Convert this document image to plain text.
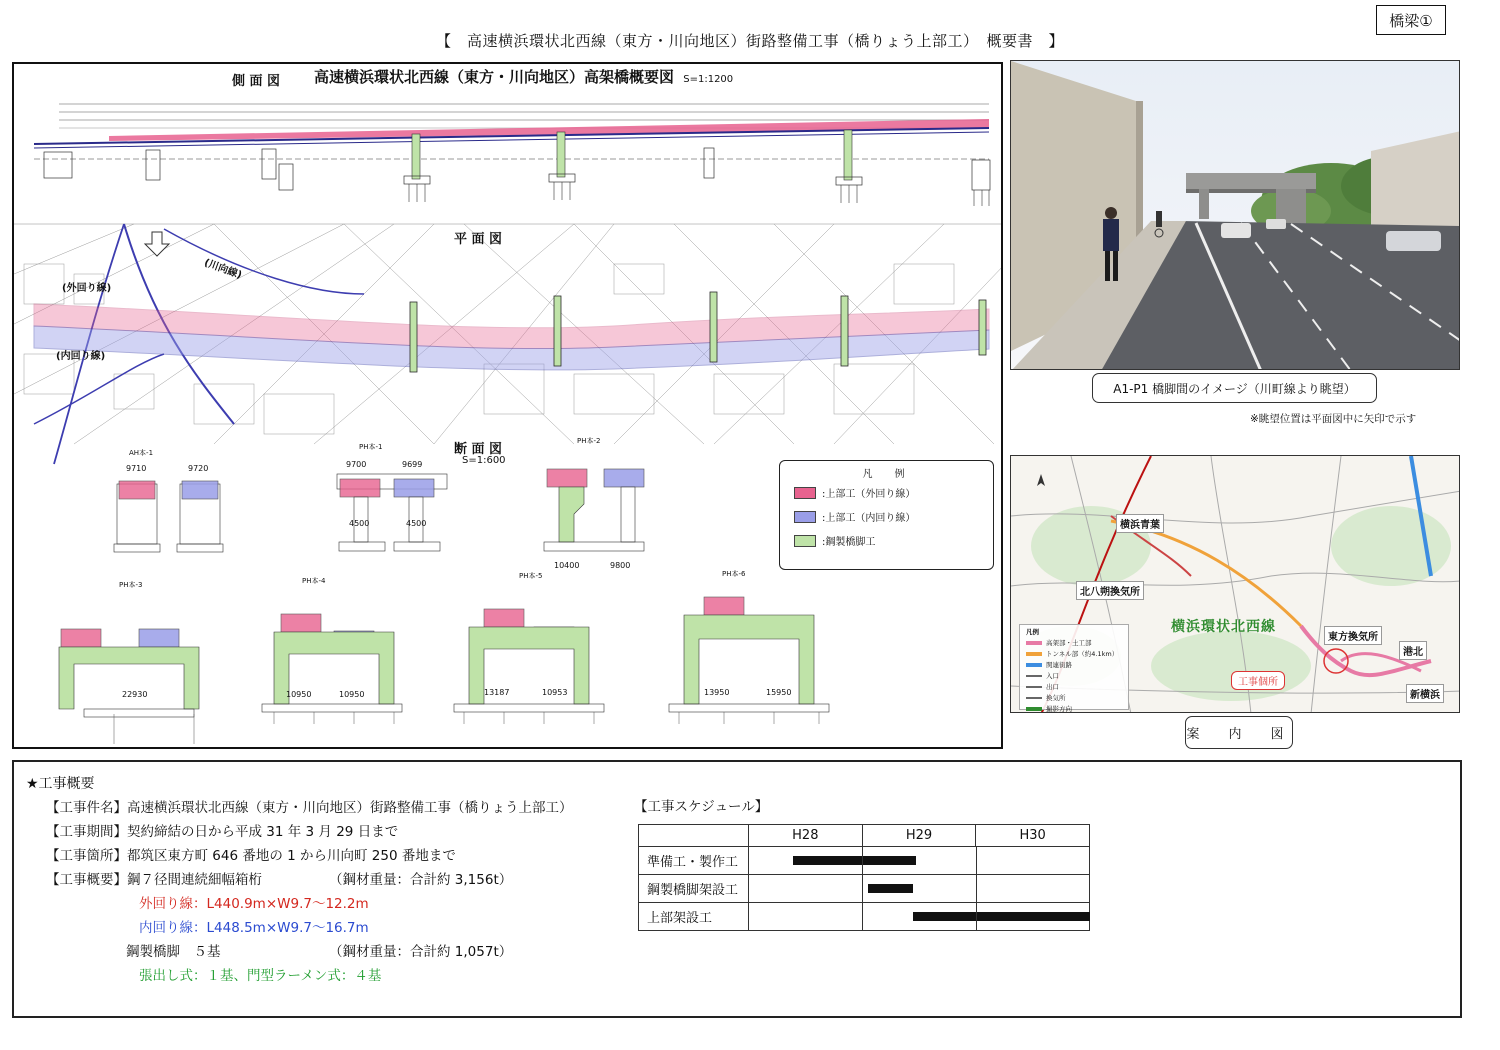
【　高速横浜環状北西線（東方・川向地区）街路整備工事（橋りょう上部工）　概要書　】
橋梁①
高速横浜環状北西線（東方・川向地区）高架橋概要図 S=1:1200
側 面 図
平 面 図
断 面 図
S=1:600
(外回り線)
(内回り線)
(川向線)
AH本-1
PH本-1
PH本-2
PH本-3	PH本-4
PH本-5	PH本-6
9710	9720	9700	9699
4500	4500
10400	9800
22930	10950	10950	13187	10953	13950	15950
凡　例
:上部工（外回り線）
:上部工（内回り線）
:鋼製橋脚工
A1-P1 橋脚間のイメージ（川町線より眺望）
※眺望位置は平面図中に矢印で示す
横浜環状北西線
横浜青葉
北八朔換気所
東方換気所
港北
新横浜
工事個所
凡例
高架部・土工部
トンネル部（約4.1km）
関連街路
入口
出口
換気所
撮影方向
案　内　図
★工事概要
【工事件名】高速横浜環状北西線（東方・川向地区）街路整備工事（橋りょう上部工）
【工事期間】契約締結の日から平成 31 年 3 月 29 日まで
【工事箇所】都筑区東方町 646 番地の 1 から川向町 250 番地まで
【工事概要】鋼７径間連続細幅箱桁	（鋼材重量：合計約 3,156t）
外回り線：L440.9m×W9.7～12.2m
内回り線：L448.5m×W9.7～16.7m
鋼製橋脚　５基	（鋼材重量：合計約 1,057t）
張出し式：１基、門型ラーメン式：４基
【工事スケジュール】
	H28	H29	H30
準備工・製作工			

鋼製橋脚架設工			

上部架設工			
